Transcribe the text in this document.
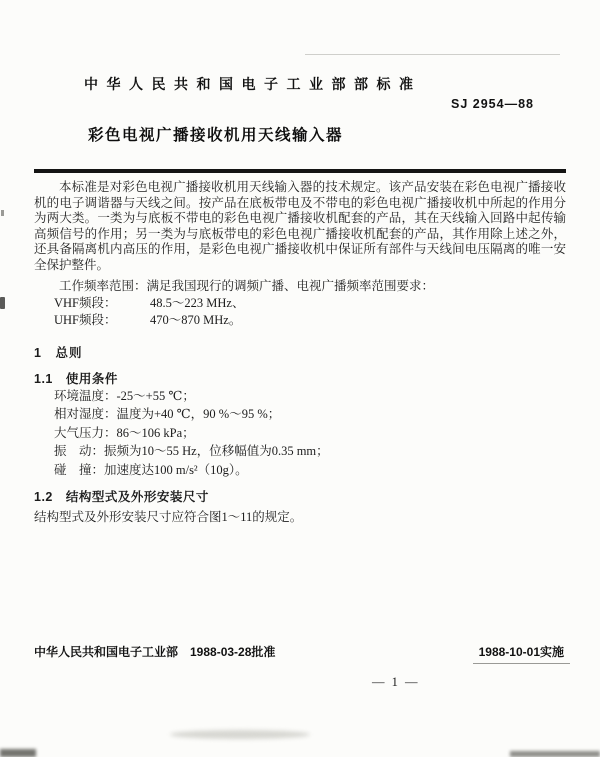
中华人民共和国电子工业部部标准
SJ 2954—88
彩色电视广播接收机用天线输入器

本标准是对彩色电视广播接收机用天线输入器的技术规定。该产品安装在彩色电视广播接收机的电子调谐器与天线之间。按产品在底板带电及不带电的彩色电视广播接收机中所起的作用分为两大类。一类为与底板不带电的彩色电视广播接收机配套的产品，其在天线输入回路中起传输高频信号的作用；另一类为与底板带电的彩色电视广播接收机配套的产品，其作用除上述之外，还具备隔离机内高压的作用，是彩色电视广播接收机中保证所有部件与天线间电压隔离的唯一安全保护整件。

工作频率范围：满足我国现行的调频广播、电视广播频率范围要求：

VHF频段：	48.5～223 MHz、
UHF频段：	470～870 MHz。
1　总则
1.1　使用条件
环境温度：-25～+55 ℃；
相对湿度：温度为+40 ℃，90 %～95 %；
大气压力：86～106 kPa；
振　动：振频为10～55 Hz，位移幅值为0.35 mm；
碰　撞：加速度达100 m/s²（10g）。
1.2　结构型式及外形安装尺寸

结构型式及外形安装尺寸应符合图1～11的规定。

中华人民共和国电子工业部　1988-03-28批准	1988-10-01实施
— 1 —
